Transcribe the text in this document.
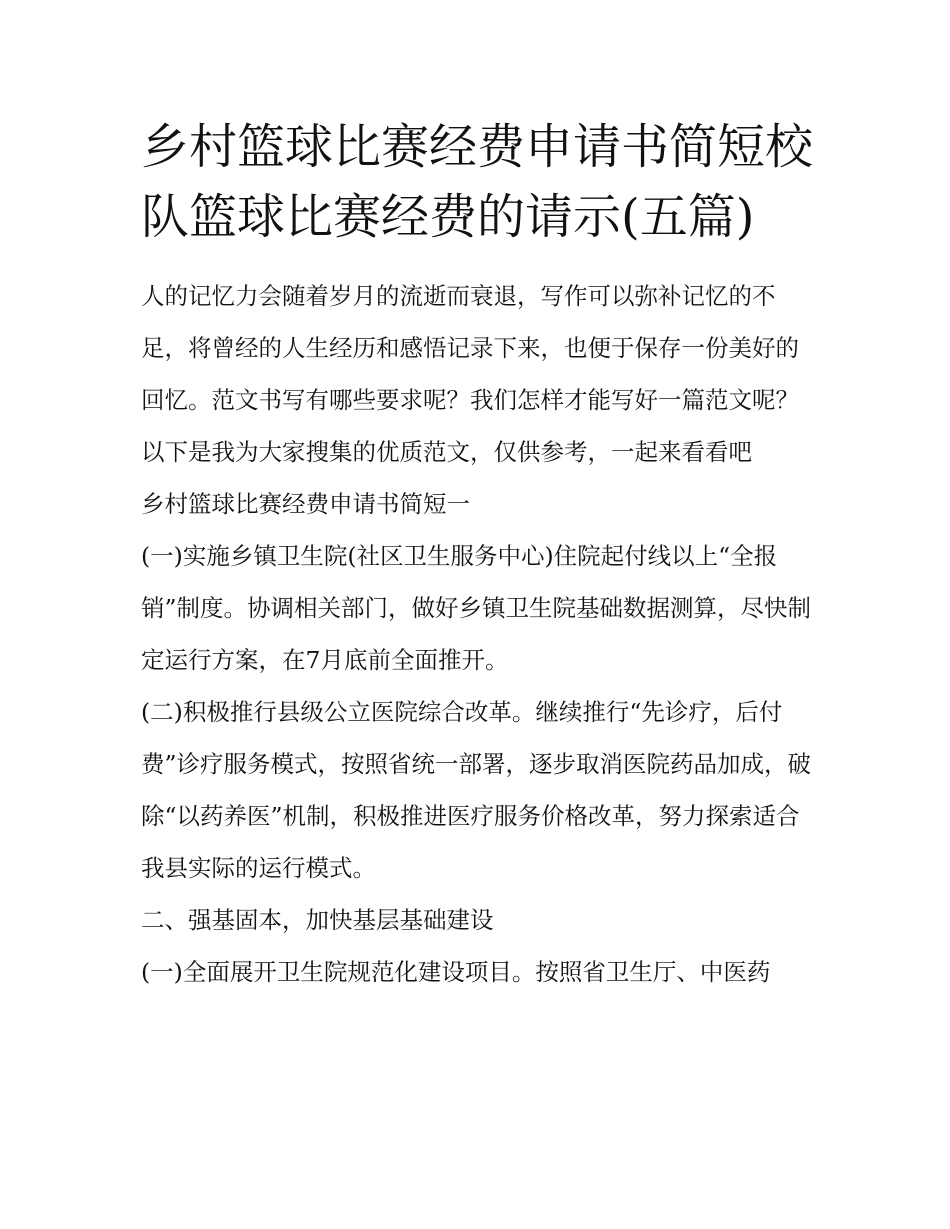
乡村篮球比赛经费申请书简短校队篮球比赛经费的请示(五篇)

人的记忆力会随着岁月的流逝而衰退，写作可以弥补记忆的不足，将曾经的人生经历和感悟记录下来，也便于保存一份美好的回忆。范文书写有哪些要求呢？我们怎样才能写好一篇范文呢？以下是我为大家搜集的优质范文，仅供参考，一起来看看吧

乡村篮球比赛经费申请书简短一

(一)实施乡镇卫生院(社区卫生服务中心)住院起付线以上“全报销”制度。协调相关部门，做好乡镇卫生院基础数据测算，尽快制定运行方案，在7月底前全面推开。

(二)积极推行县级公立医院综合改革。继续推行“先诊疗，后付费”诊疗服务模式，按照省统一部署，逐步取消医院药品加成，破除“以药养医”机制，积极推进医疗服务价格改革，努力探索适合我县实际的运行模式。

二、强基固本，加快基层基础建设

(一)全面展开卫生院规范化建设项目。按照省卫生厅、中医药
